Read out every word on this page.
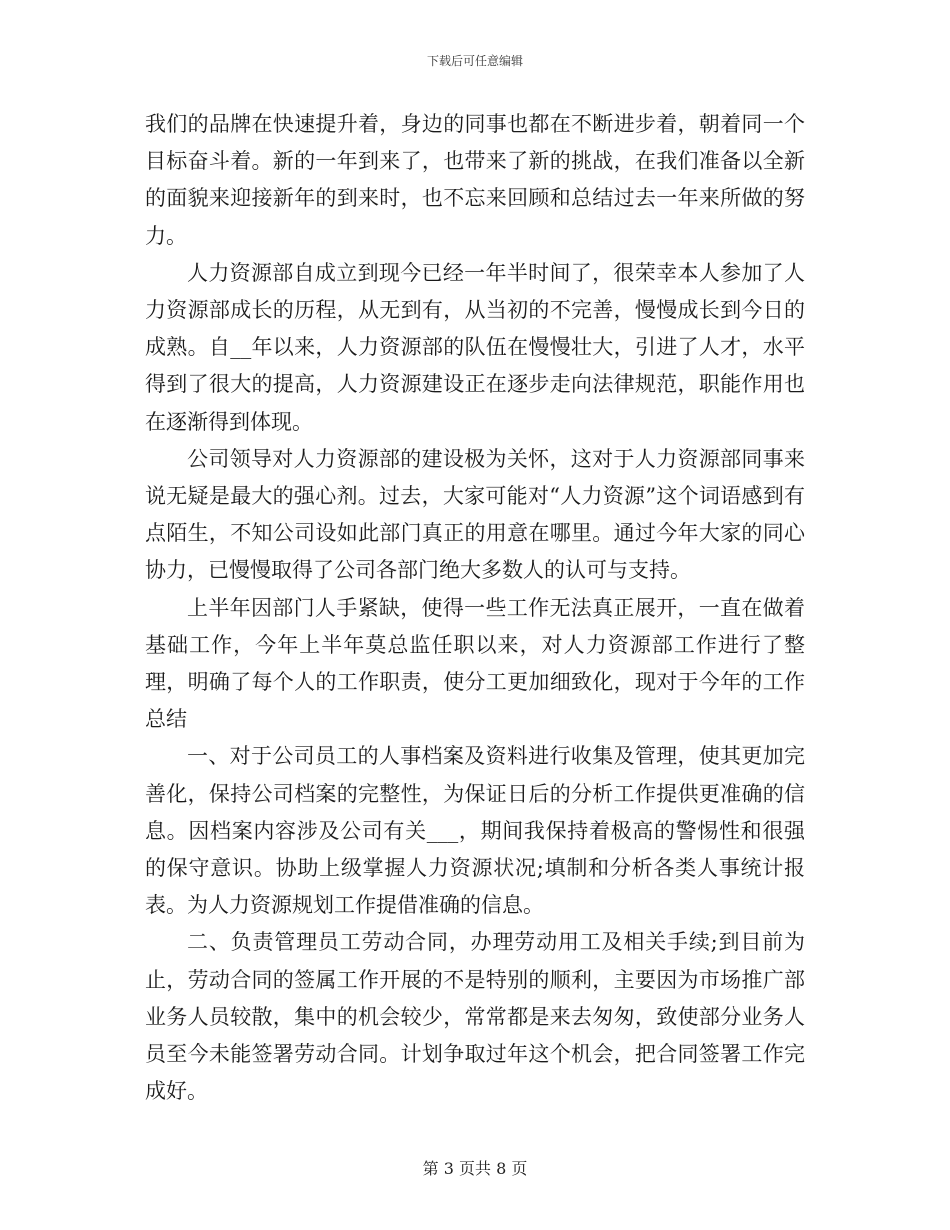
下载后可任意编辑

我们的品牌在快速提升着，身边的同事也都在不断进步着，朝着同一个目标奋斗着。新的一年到来了，也带来了新的挑战，在我们准备以全新的面貌来迎接新年的到来时，也不忘来回顾和总结过去一年来所做的努力。

人力资源部自成立到现今已经一年半时间了，很荣幸本人参加了人力资源部成长的历程，从无到有，从当初的不完善，慢慢成长到今日的成熟。自__年以来，人力资源部的队伍在慢慢壮大，引进了人才，水平得到了很大的提高，人力资源建设正在逐步走向法律规范，职能作用也在逐渐得到体现。

公司领导对人力资源部的建设极为关怀，这对于人力资源部同事来说无疑是最大的强心剂。过去，大家可能对“人力资源”这个词语感到有点陌生，不知公司设如此部门真正的用意在哪里。通过今年大家的同心协力，已慢慢取得了公司各部门绝大多数人的认可与支持。

上半年因部门人手紧缺，使得一些工作无法真正展开，一直在做着基础工作，今年上半年莫总监任职以来，对人力资源部工作进行了整理，明确了每个人的工作职责，使分工更加细致化，现对于今年的工作总结

一、对于公司员工的人事档案及资料进行收集及管理，使其更加完善化，保持公司档案的完整性，为保证日后的分析工作提供更准确的信息。因档案内容涉及公司有关___，期间我保持着极高的警惕性和很强的保守意识。协助上级掌握人力资源状况;填制和分析各类人事统计报表。为人力资源规划工作提借准确的信息。

二、负责管理员工劳动合同，办理劳动用工及相关手续;到目前为止，劳动合同的签属工作开展的不是特别的顺利，主要因为市场推广部业务人员较散，集中的机会较少，常常都是来去匆匆，致使部分业务人员至今未能签署劳动合同。计划争取过年这个机会，把合同签署工作完成好。

第 3 页共 8 页
